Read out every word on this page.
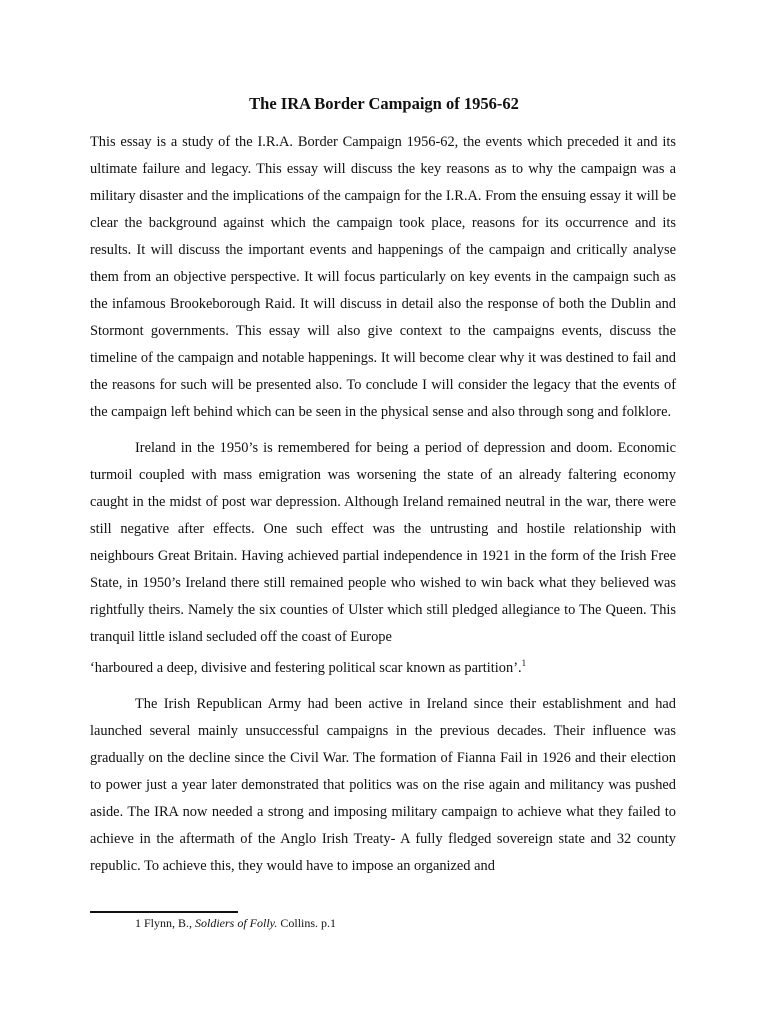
The IRA Border Campaign of 1956-62

This essay is a study of the I.R.A. Border Campaign 1956-62, the events which preceded it and its ultimate failure and legacy. This essay will discuss the key reasons as to why the campaign was a military disaster and the implications of the campaign for the I.R.A. From the ensuing essay it will be clear the background against which the campaign took place, reasons for its occurrence and its results. It will discuss the important events and happenings of the campaign and critically analyse them from an objective perspective. It will focus particularly on key events in the campaign such as the infamous Brookeborough Raid. It will discuss in detail also the response of both the Dublin and Stormont governments. This essay will also give context to the campaigns events, discuss the timeline of the campaign and notable happenings. It will become clear why it was destined to fail and the reasons for such will be presented also. To conclude I will consider the legacy that the events of the campaign left behind which can be seen in the physical sense and also through song and folklore.

Ireland in the 1950’s is remembered for being a period of depression and doom. Economic turmoil coupled with mass emigration was worsening the state of an already faltering economy caught in the midst of post war depression. Although Ireland remained neutral in the war, there were still negative after effects. One such effect was the untrusting and hostile relationship with neighbours Great Britain. Having achieved partial independence in 1921 in the form of the Irish Free State, in 1950’s Ireland there still remained people who wished to win back what they believed was rightfully theirs. Namely the six counties of Ulster which still pledged allegiance to The Queen. This tranquil little island secluded off the coast of Europe

‘harboured a deep, divisive and festering political scar known as partition’.$^1$

The Irish Republican Army had been active in Ireland since their establishment and had launched several mainly unsuccessful campaigns in the previous decades. Their influence was gradually on the decline since the Civil War. The formation of Fianna Fail in 1926 and their election to power just a year later demonstrated that politics was on the rise again and militancy was pushed aside. The IRA now needed a strong and imposing military campaign to achieve what they failed to achieve in the aftermath of the Anglo Irish Treaty- A fully fledged sovereign state and 32 county republic. To achieve this, they would have to impose an organized and

1 Flynn, B., Soldiers of Folly. Collins. p.1
